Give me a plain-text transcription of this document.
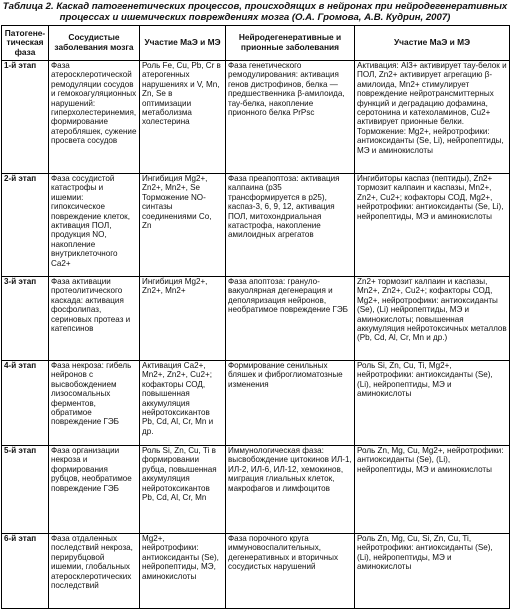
Таблица 2. Каскад патогенетических процессов, происходящих в нейронах при нейродегенеративных процессах и ишемических повреждениях мозга (О.А. Громова, А.В. Кудрин, 2007)

Патогене-тическая фаза	Сосудистые заболевания мозга	Участие МаЭ и МЭ	Нейродегенеративные и прионные заболевания	Участие МаЭ и МЭ
1-й этап	Фаза атеросклеротической ремодуляции сосудов и гемокоагуляционных нарушений: гиперхолестеринемия, формирование атеробляшек, сужение просвета сосудов	Роль Fe, Cu, Pb, Cr в атерогенных нарушениях и V, Mn, Zn, Se в оптимизации метаболизма холестерина	Фаза генетического ремодулирования: активация генов дистрофинов, белка — предшественника β-амилоида, тау-белка, накопление прионного белка PrPsc	Активация: Al3+ активирует тау-белок и ПОЛ, Zn2+ активирует агрегацию β-амилоида, Mn2+ стимулирует повреждение нейротрансмиттерных функций и деградацию дофамина, серотонина и катехоламинов, Cu2+ активирует прионные белки. Торможение: Mg2+, нейротрофики: антиоксиданты (Se, Li), нейропептиды, МЭ и аминокислоты
2-й этап	Фаза сосудистой катастрофы и ишемии: гипоксическое повреждение клеток, активация ПОЛ, продукция NO, накопление внутриклеточного Ca2+	Ингибиция Mg2+, Zn2+, Mn2+, Se Торможение NO-синтазы соединениями Co, Zn	Фаза преапоптоза: активация калпаина (р35 трансформируется в р25), каспаз-3, 6, 9, 12, активация ПОЛ, митохондриальная катастрофа, накопление амилоидных агрегатов	Ингибиторы каспаз (пептиды), Zn2+ тормозит калпаин и каспазы, Mn2+, Zn2+, Cu2+; кофакторы СОД, Mg2+, нейротрофики: антиоксиданты (Se, Li), нейропептиды, МЭ и аминокислоты
3-й этап	Фаза активации протеолитического каскада: активация фосфолипаз, сериновых протеаз и катепсинов	Ингибиция Mg2+, Zn2+, Mn2+	Фаза апоптоза: грануло-вакуолярная дегенерация и деполяризация нейронов, необратимое повреждение ГЭБ	Zn2+ тормозит калпаин и каспазы, Mn2+, Zn2+, Cu2+; кофакторы СОД, Mg2+, нейротрофики: антиоксиданты (Se), (Li) нейропептиды, МЭ и аминокислоты; повышенная аккумуляция нейротоксичных металлов (Pb, Cd, Al, Cr, Mn и др.)
4-й этап	Фаза некроза: гибель нейронов с высвобождением лизосомальных ферментов, обратимое повреждение ГЭБ	Активация Ca2+, Mn2+, Zn2+, Cu2+; кофакторы СОД, повышенная аккумуляция нейротоксикантов Pb, Cd, Al, Cr, Mn и др.	Формирование сенильных бляшек и фиброглиоматозные изменения	Роль Si, Zn, Cu, Ti, Mg2+, нейротрофики: антиоксиданты (Se), (Li), нейропептиды, МЭ и аминокислоты
5-й этап	Фаза организации некроза и формирования рубцов, необратимое повреждение ГЭБ	Роль Si, Zn, Cu, Ti в формировании рубца, повышенная аккумуляция нейротоксикантов Pb, Cd, Al, Cr, Mn	Иммунологическая фаза: высвобождение цитокинов ИЛ-1, ИЛ-2, ИЛ-6, ИЛ-12, хемокинов, миграция глиальных клеток, макрофагов и лимфоцитов	Роль Zn, Mg, Cu, Mg2+, нейротрофики: антиоксиданты (Se), (Li), нейропептиды, МЭ и аминокислоты
6-й этап	Фаза отдаленных последствий некроза, перирубцовой ишемии, глобальных атеросклеротических последствий	Mg2+, нейротрофики: антиоксиданты (Se), нейропептиды, МЭ, аминокислоты	Фаза порочного круга иммуновоспалительных, дегенеративных и вторичных сосудистых нарушений	Роль Zn, Mg, Cu, Si, Zn, Cu, Ti, нейротрофики: антиоксиданты (Se), (Li), нейропептиды, МЭ и аминокислоты
